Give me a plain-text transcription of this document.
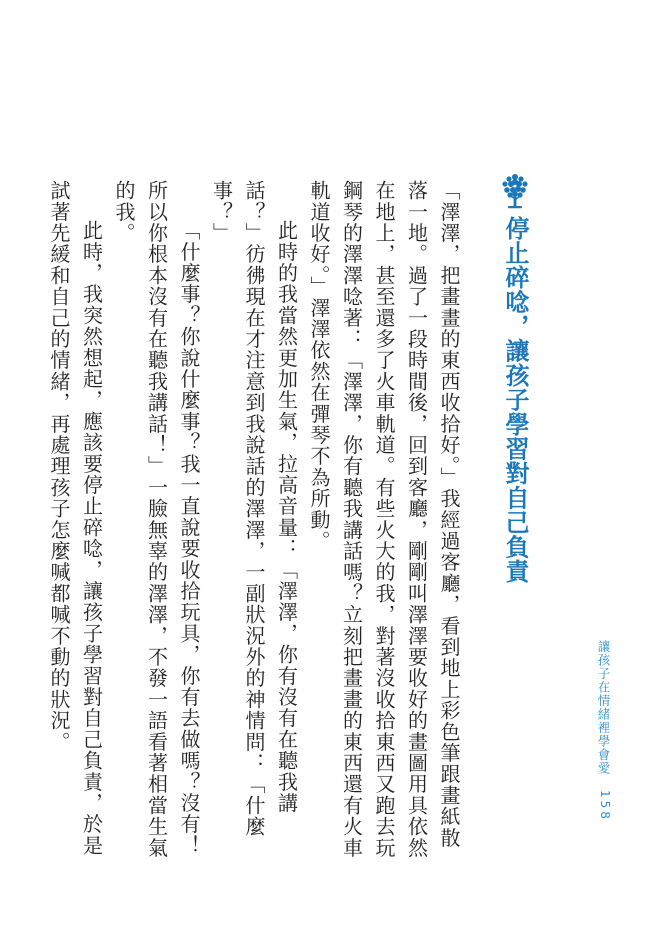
停止碎唸，讓孩子學習對自己負責

「澤澤，把畫畫的東西收拾好。」我經過客廳，看到地上彩色筆跟畫紙散落一地。過了一段時間後，回到客廳，剛剛叫澤澤要收好的畫圖用具依然在地上，甚至還多了火車軌道。有些火大的我，對著沒收拾東西又跑去玩鋼琴的澤澤唸著：「澤澤，你有聽我講話嗎？立刻把畫畫的東西還有火車軌道收好。」澤澤依然在彈琴不為所動。

此時的我當然更加生氣，拉高音量：「澤澤，你有沒有在聽我講話？」彷彿現在才注意到我說話的澤澤，一副狀況外的神情問：「什麼事？」

「什麼事？你說什麼事？我一直說要收拾玩具，你有去做嗎？沒有！所以你根本沒有在聽我講話！」一臉無辜的澤澤，不發一語看著相當生氣的我。

此時，我突然想起，應該要停止碎唸，讓孩子學習對自己負責，於是試著先緩和自己的情緒，再處理孩子怎麼喊都喊不動的狀況。	讓孩子在情緒裡學會愛
158
